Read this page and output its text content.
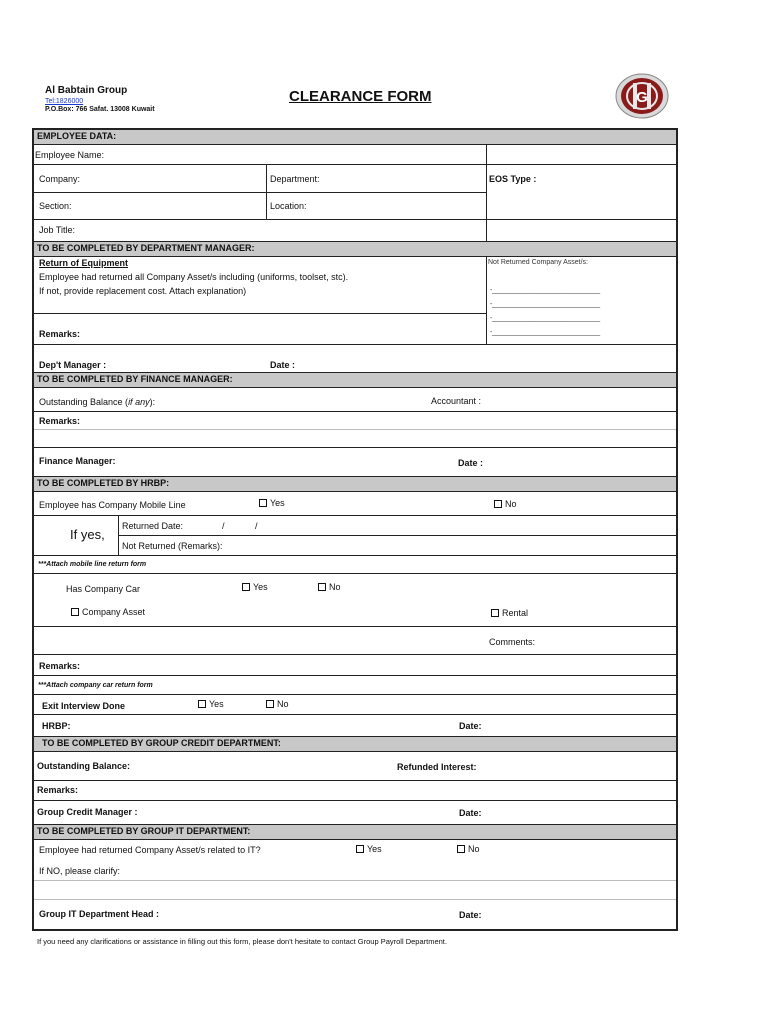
Al Babtain Group
Tel:1826000
P.O.Box: 766 Safat. 13008 Kuwait
CLEARANCE FORM	G
EMPLOYEE DATA:
Employee Name:
Company:	Department:	EOS Type :
Section:	Location:
Job Title:
TO BE COMPLETED BY DEPARTMENT MANAGER:
Return of Equipment
Employee had returned all Company Asset/s including (uniforms, toolset, stc).
If not, provide replacement cost. Attach explanation)
Not Returned Company Asset/s:
-______________________________
-______________________________
-______________________________
-______________________________
Remarks:
Dep't Manager :	Date :
TO BE COMPLETED BY FINANCE MANAGER:
Outstanding Balance (if any):	Accountant :
Remarks:
Finance Manager:	Date :
TO BE COMPLETED BY HRBP:
Employee has Company Mobile Line	Yes	No
If yes,
Returned Date:	/	/
Not Returned (Remarks):
***Attach mobile line return form
Has Company Car	Yes	No
Company Asset	Rental
Comments:
Remarks:
***Attach company car return form
Exit Interview Done	Yes	No
HRBP:	Date:
TO BE COMPLETED BY GROUP CREDIT DEPARTMENT:
Outstanding Balance:	Refunded Interest:
Remarks:
Group Credit Manager :	Date:
TO BE COMPLETED BY GROUP IT DEPARTMENT:
Employee had returned Company Asset/s related to IT?	Yes	No
If NO, please clarify:
Group IT Department Head :	Date:
If you need any clarifications or assistance in filling out this form, please don't hesitate to contact Group Payroll Department.
